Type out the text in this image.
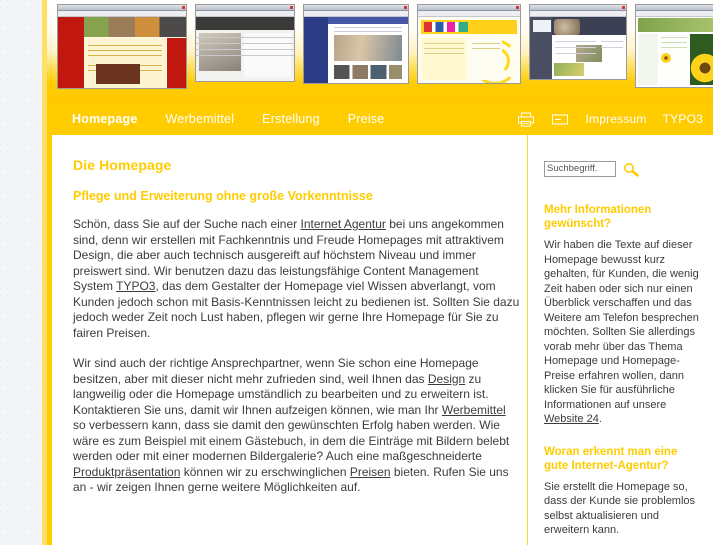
Homepage Werbemittel Erstellung Preise	Impressum TYPO3
Die Homepage
Pflege und Erweiterung ohne große Vorkenntnisse

Schön, dass Sie auf der Suche nach einer Internet Agentur bei uns angekommen sind, denn wir erstellen mit Fachkenntnis und Freude Homepages mit attraktivem Design, die aber auch technisch ausgereift auf höchstem Niveau und immer preiswert sind. Wir benutzen dazu das leistungsfähige Content Management System TYPO3, das dem Gestalter der Homepage viel Wissen abverlangt, vom Kunden jedoch schon mit Basis-Kenntnissen leicht zu bedienen ist. Sollten Sie dazu jedoch weder Zeit noch Lust haben, pflegen wir gerne Ihre Homepage für Sie zu fairen Preisen.

Wir sind auch der richtige Ansprechpartner, wenn Sie schon eine Homepage besitzen, aber mit dieser nicht mehr zufrieden sind, weil Ihnen das Design zu langweilig oder die Homepage umständlich zu bearbeiten und zu erweitern ist. Kontaktieren Sie uns, damit wir Ihnen aufzeigen können, wie man Ihr Werbemittel so verbessern kann, dass sie damit den gewünschten Erfolg haben werden. Wie wäre es zum Beispiel mit einem Gästebuch, in dem die Einträge mit Bildern belebt werden oder mit einer modernen Bildergalerie? Auch eine maßgeschneiderte Produktpräsentation können wir zu erschwinglichen Preisen bieten. Rufen Sie uns an - wir zeigen Ihnen gerne weitere Möglichkeiten auf.

Suchbegriff.
Mehr Informationen gewünscht?

Wir haben die Texte auf dieser Homepage bewusst kurz gehalten, für Kunden, die wenig Zeit haben oder sich nur einen Überblick verschaffen und das Weitere am Telefon besprechen möchten. Sollten Sie allerdings vorab mehr über das Thema Homepage und Homepage-Preise erfahren wollen, dann klicken Sie für ausführliche Informationen auf unsere Website 24.

Woran erkennt man eine gute Internet-Agentur?

Sie erstellt die Homepage so, dass der Kunde sie problemlos selbst aktualisieren und erweitern kann.
